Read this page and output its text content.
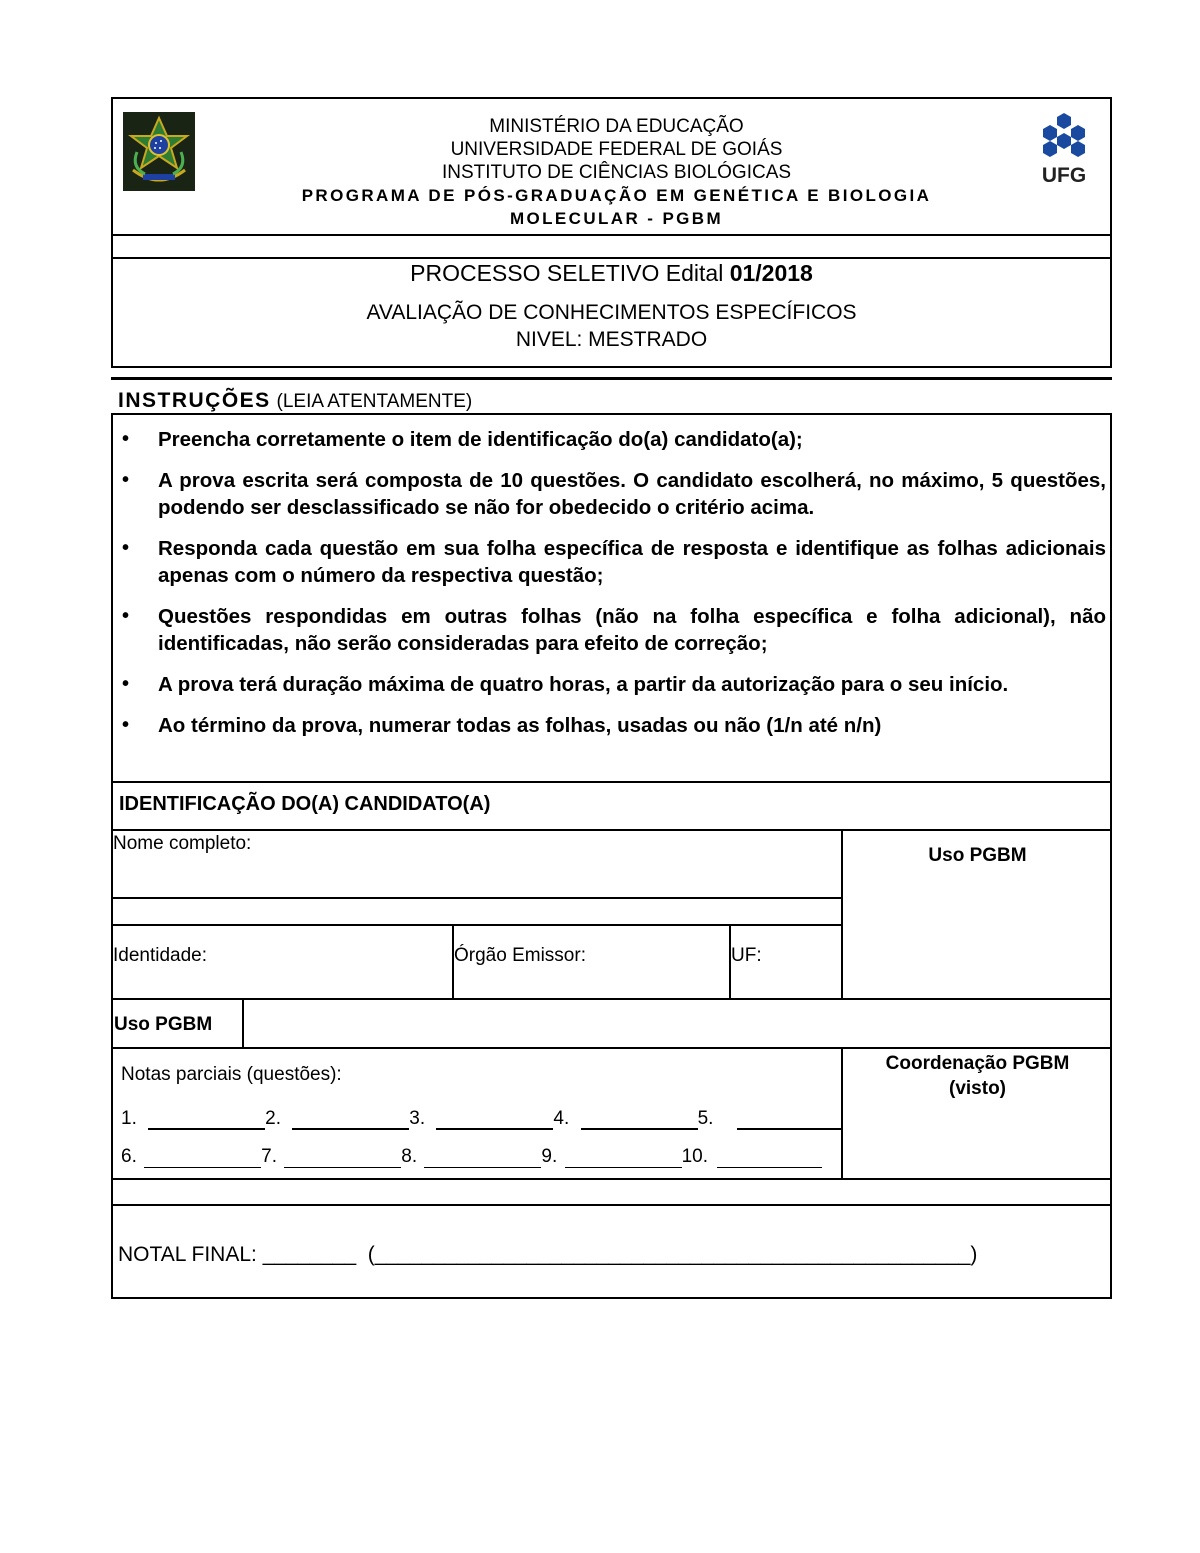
MINISTÉRIO DA EDUCAÇÃO
UNIVERSIDADE FEDERAL DE GOIÁS
INSTITUTO DE CIÊNCIAS BIOLÓGICAS
PROGRAMA DE PÓS-GRADUAÇÃO EM GENÉTICA E BIOLOGIA
MOLECULAR - PGBM
UFG
PROCESSO SELETIVO Edital 01/2018
AVALIAÇÃO DE CONHECIMENTOS ESPECÍFICOS
NIVEL: MESTRADO
INSTRUÇÕES (LEIA ATENTAMENTE)
IDENTIFICAÇÃO DO(A) CANDIDATO(A)
Nome completo:
Uso PGBM
Identidade:	Órgão Emissor:	UF:
Uso PGBM
Notas parciais (questões):
Coordenação PGBM
(visto)
NOTAL FINAL: ________  (___________________________________________________)
• Preencha corretamente o item de identificação do(a) candidato(a);
• A prova escrita será composta de 10 questões. O candidato escolherá, no máximo, 5 questões, podendo ser desclassificado se não for obedecido o critério acima.
• Responda cada questão em sua folha específica de resposta e identifique as folhas adicionais apenas com o número da respectiva questão;
• Questões respondidas em outras folhas (não na folha específica e folha adicional), não identificadas, não serão consideradas para efeito de correção;
• A prova terá duração máxima de quatro horas, a partir da autorização para o seu início.
• Ao término da prova, numerar todas as folhas, usadas ou não (1/n até n/n)
1.	2.	3.	4.	5.
6.	7.	8.	9.	10.
